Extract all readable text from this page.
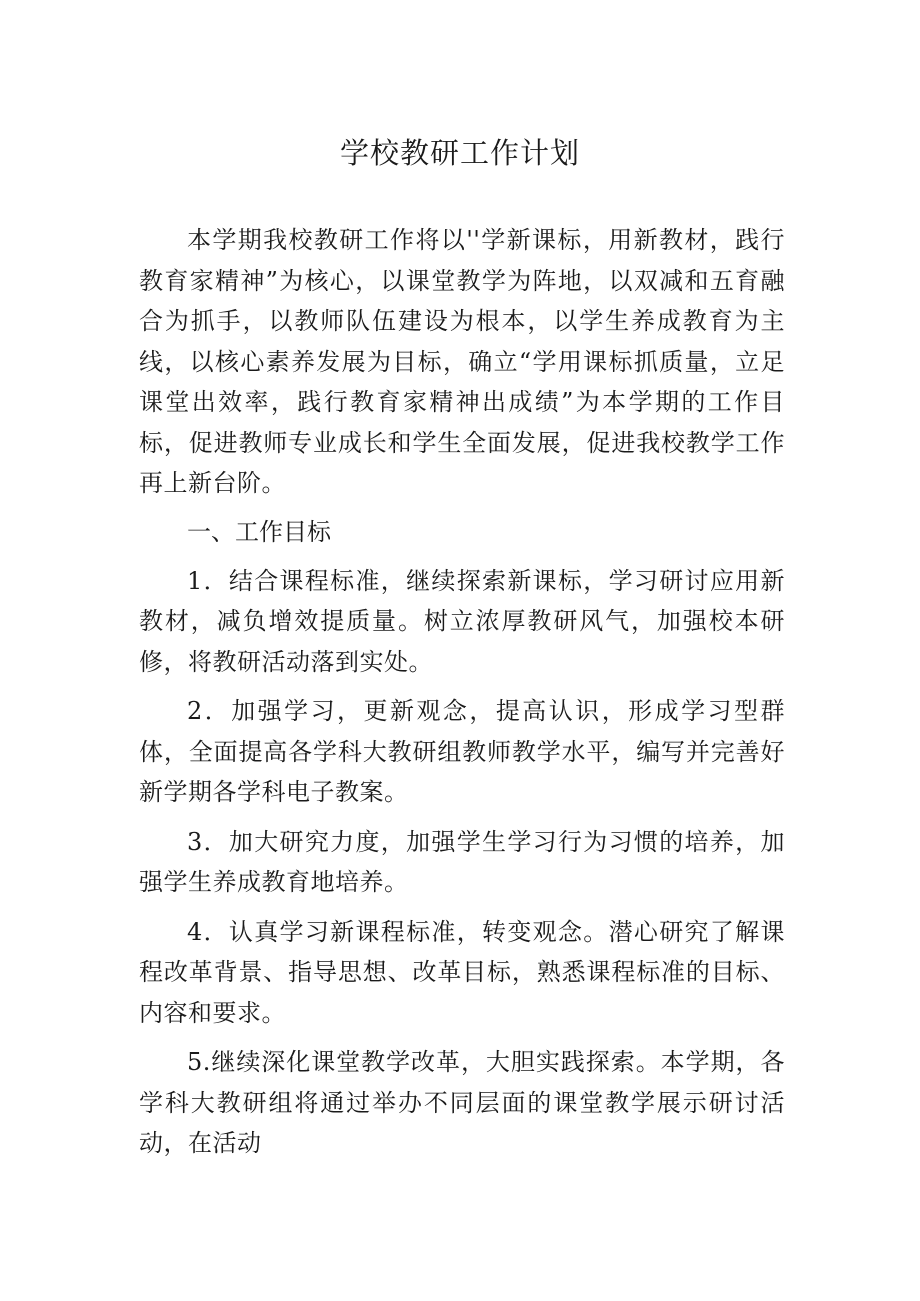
学校教研工作计划

本学期我校教研工作将以''学新课标，用新教材，践行教育家精神”为核心，以课堂教学为阵地，以双减和五育融合为抓手，以教师队伍建设为根本，以学生养成教育为主线，以核心素养发展为目标，确立“学用课标抓质量，立足课堂出效率，践行教育家精神出成绩”为本学期的工作目标，促进教师专业成长和学生全面发展，促进我校教学工作再上新台阶。

一、工作目标

1．结合课程标准，继续探索新课标，学习研讨应用新教材，减负增效提质量。树立浓厚教研风气，加强校本研修，将教研活动落到实处。

2．加强学习，更新观念，提高认识，形成学习型群体，全面提高各学科大教研组教师教学水平，编写并完善好新学期各学科电子教案。

3．加大研究力度，加强学生学习行为习惯的培养，加强学生养成教育地培养。

4．认真学习新课程标准，转变观念。潜心研究了解课程改革背景、指导思想、改革目标，熟悉课程标准的目标、内容和要求。

5.继续深化课堂教学改革，大胆实践探索。本学期，各学科大教研组将通过举办不同层面的课堂教学展示研讨活动，在活动
